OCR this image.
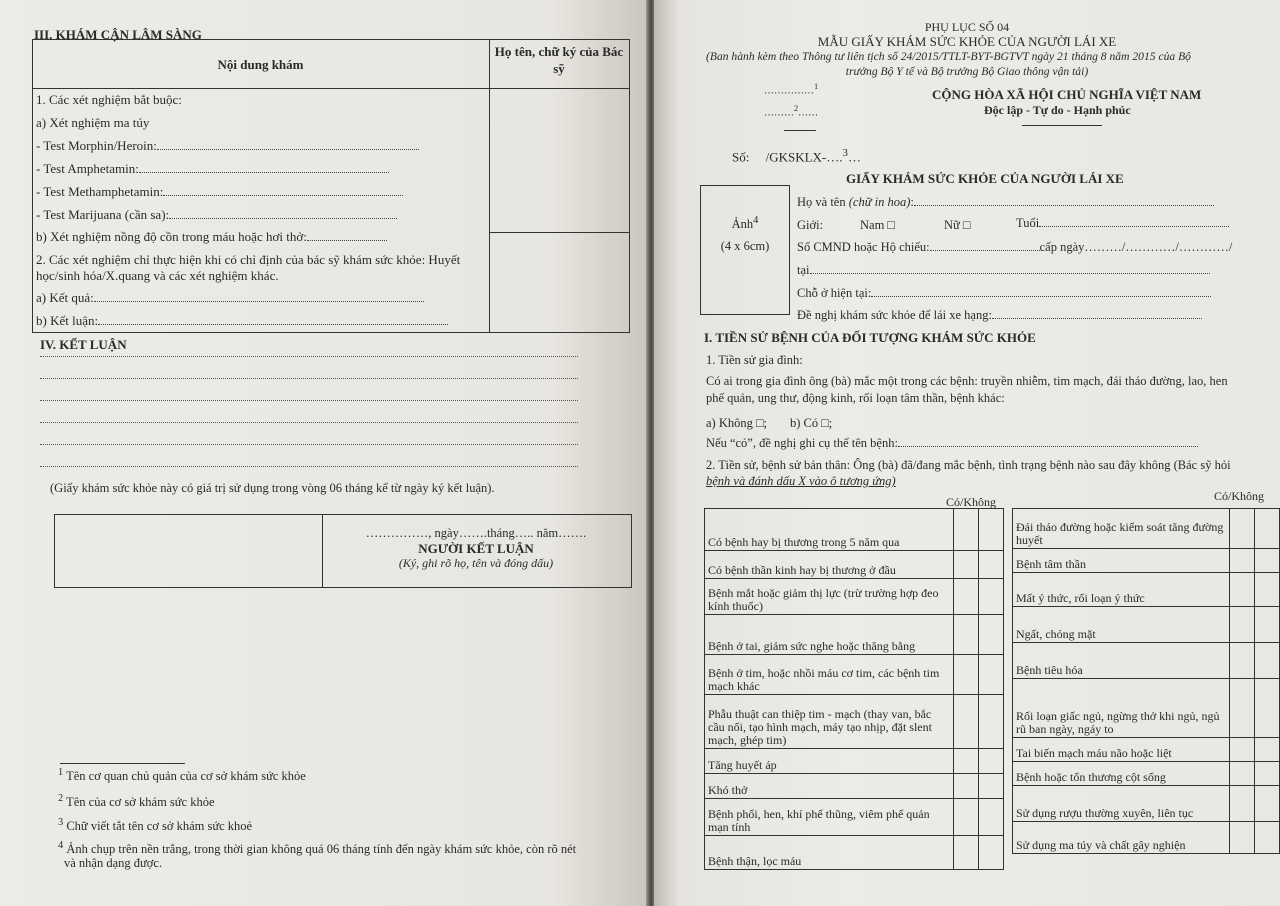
III. KHÁM CẬN LÂM SÀNG
Nội dung khám
Họ tên, chữ ký của Bác sỹ
1. Các xét nghiệm bắt buộc:
a) Xét nghiệm ma túy
- Test Morphin/Heroin:
- Test Amphetamin:
- Test Methamphetamin:
- Test Marijuana (cần sa):
b) Xét nghiệm nồng độ cồn trong máu hoặc hơi thở:
2. Các xét nghiệm chỉ thực hiện khi có chỉ định của bác sỹ khám sức khỏe: Huyết
học/sinh hóa/X.quang và các xét nghiệm khác.
a) Kết quả:
b) Kết luận:
IV. KẾT LUẬN
(Giấy khám sức khỏe này có giá trị sử dụng trong vòng 06 tháng kể từ ngày ký kết luận).
……………, ngày…….tháng….. năm…….
NGƯỜI KẾT LUẬN
(Ký, ghi rõ họ, tên và đóng dấu)
$^1$ Tên cơ quan chủ quản của cơ sở khám sức khỏe
$^2$ Tên của cơ sở khám sức khỏe
$^3$ Chữ viết tắt tên cơ sở khám sức khoẻ
$^4$ Ảnh chụp trên nền trắng, trong thời gian không quá 06 tháng tính đến ngày khám sức khỏe, còn rõ nét
và nhận dạng được.
PHỤ LỤC SỐ 04
MẪU GIẤY KHÁM SỨC KHỎE CỦA NGƯỜI LÁI XE
(Ban hành kèm theo Thông tư liên tịch số 24/2015/TTLT-BYT-BGTVT ngày 21 tháng 8 năm 2015 của Bộ
trưởng Bộ Y tế và Bộ trưởng Bộ Giao thông vận tải)
……………$^1$
………$^2$……
CỘNG HÒA XÃ HỘI CHỦ NGHĨA VIỆT NAM
Độc lập - Tự do - Hạnh phúc
Số: /GKSKLX-….$^3$…
GIẤY KHÁM SỨC KHỎE CỦA NGƯỜI LÁI XE
Ảnh$^4$
(4 x 6cm)
Họ và tên (chữ in hoa):
Giới:	Nam □	Nữ □	Tuổi
Số CMND hoặc Hộ chiếu:	cấp ngày………/…………/…………/
tại
Chỗ ở hiện tại:
Đề nghị khám sức khỏe để lái xe hạng:
I. TIỀN SỬ BỆNH CỦA ĐỐI TƯỢNG KHÁM SỨC KHỎE
1. Tiền sử gia đình:
Có ai trong gia đình ông (bà) mắc một trong các bệnh: truyền nhiễm, tim mạch, đái tháo đường, lao, hen
phế quản, ung thư, động kinh, rối loạn tâm thần, bệnh khác:
a) Không □; b) Có □;
Nếu “có”, đề nghị ghi cụ thể tên bệnh:
2. Tiền sử, bệnh sử bản thân: Ông (bà) đã/đang mắc bệnh, tình trạng bệnh nào sau đây không (Bác sỹ hỏi
bệnh và đánh dấu X vào ô tương ứng)
Có/Không	Có/Không
Có bệnh hay bị thương trong 5 năm qua		
Có bệnh thần kinh hay bị thương ở đầu		
Bệnh mắt hoặc giảm thị lực (trừ trường hợp đeo kính thuốc)		
Bệnh ở tai, giảm sức nghe hoặc thăng bằng		
Bệnh ở tim, hoặc nhồi máu cơ tim, các bệnh tim mạch khác		
Phẫu thuật can thiệp tim - mạch (thay van, bắc cầu nối, tạo hình mạch, máy tạo nhịp, đặt slent mạch, ghép tim)		
Tăng huyết áp		
Khó thở		
Bệnh phổi, hen, khí phế thũng, viêm phế quản mạn tính		
Bệnh thận, lọc máu		
Đái tháo đường hoặc kiểm soát tăng đường huyết		
Bệnh tâm thần		
Mất ý thức, rối loạn ý thức		
Ngất, chóng mặt		
Bệnh tiêu hóa		
Rối loạn giấc ngủ, ngừng thở khi ngủ, ngủ rũ ban ngày, ngáy to		
Tai biến mạch máu não hoặc liệt		
Bệnh hoặc tổn thương cột sống		
Sử dụng rượu thường xuyên, liên tục		
Sử dụng ma túy và chất gây nghiện		
